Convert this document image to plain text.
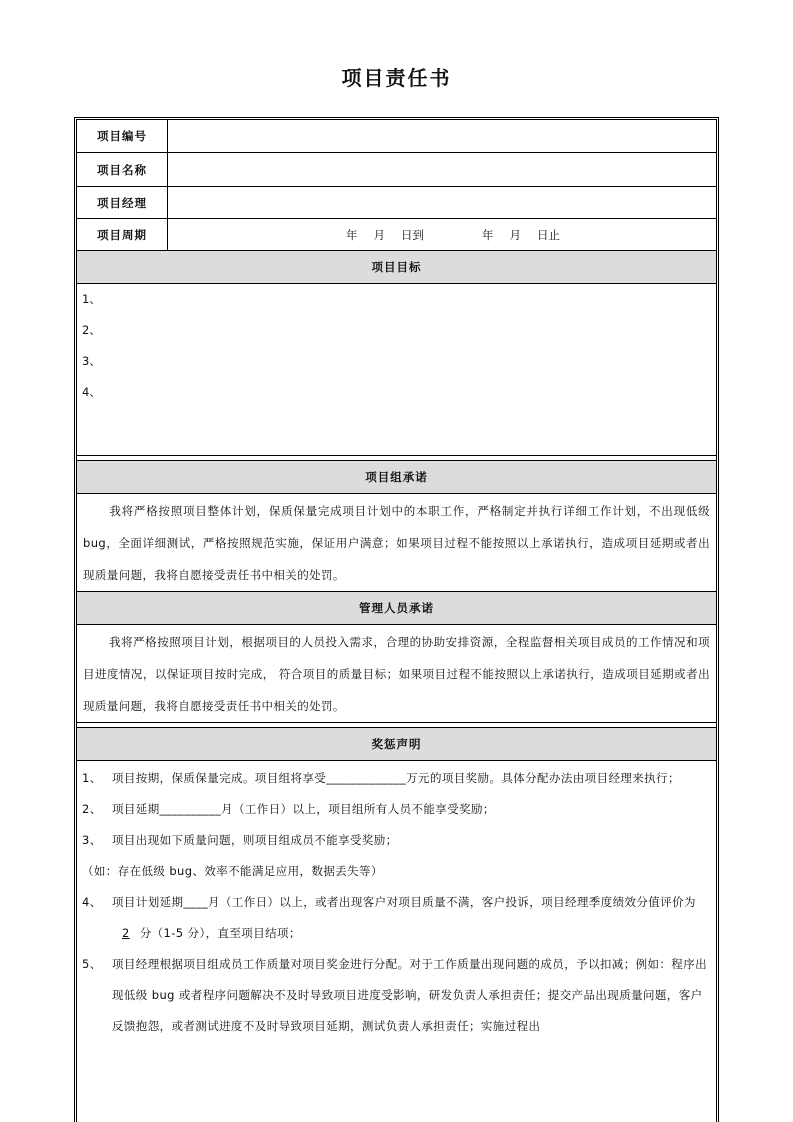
项目责任书
项目编号
项目名称
项目经理
项目周期	年 月 日到	年 月 日止
项目目标
1、
2、
3、
4、
项目组承诺
我将严格按照项目整体计划，保质保量完成项目计划中的本职工作，严格制定并执行详细工作计划，不出现低级 bug，全面详细测试，严格按照规范实施，保证用户满意；如果项目过程不能按照以上承诺执行，造成项目延期或者出现质量问题，我将自愿接受责任书中相关的处罚。
管理人员承诺
我将严格按照项目计划，根据项目的人员投入需求，合理的协助安排资源，全程监督相关项目成员的工作情况和项目进度情况，以保证项目按时完成， 符合项目的质量目标；如果项目过程不能按照以上承诺执行，造成项目延期或者出现质量问题，我将自愿接受责任书中相关的处罚。
奖惩声明
1、 项目按期，保质保量完成。项目组将享受_____________万元的项目奖励。具体分配办法由项目经理来执行；
2、 项目延期__________月（工作日）以上，项目组所有人员不能享受奖励；
3、 项目出现如下质量问题，则项目组成员不能享受奖励；
（如：存在低级 bug、效率不能满足应用，数据丢失等）
4、 项目计划延期____月（工作日）以上，或者出现客户对项目质量不满，客户投诉，项目经理季度绩效分值评价为2 分（1-5 分），直至项目结项；
5、 项目经理根据项目组成员工作质量对项目奖金进行分配。对于工作质量出现问题的成员，予以扣减；例如：程序出现低级 bug 或者程序问题解决不及时导致项目进度受影响，研发负责人承担责任；提交产品出现质量问题，客户反馈抱怨，或者测试进度不及时导致项目延期，测试负责人承担责任；实施过程出
